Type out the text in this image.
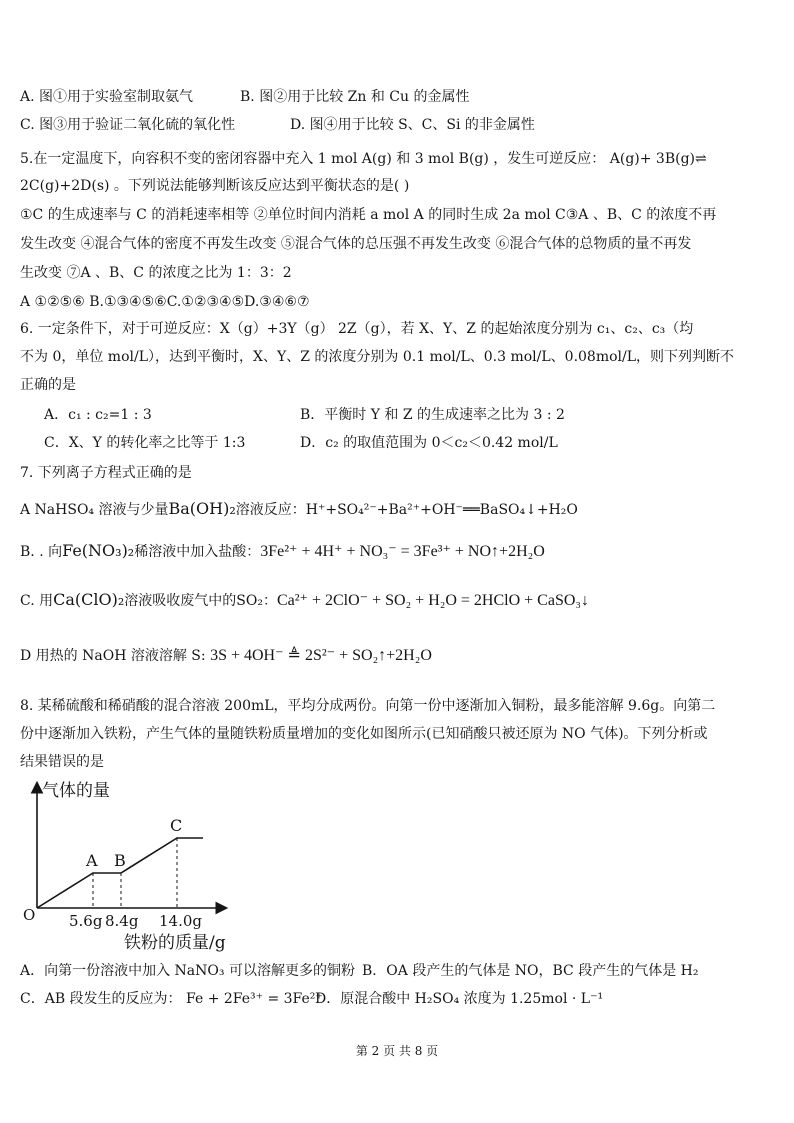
A. 图①用于实验室制取氨气	B. 图②用于比较 Zn 和 Cu 的金属性
C. 图③用于验证二氧化硫的氧化性	D. 图④用于比较 S、C、Si 的非金属性
5.在一定温度下，向容积不变的密闭容器中充入 1 mol A(g) 和 3 mol B(g) ，发生可逆反应： A(g)+ 3B(g)⇌
2C(g)+2D(s) 。下列说法能够判断该反应达到平衡状态的是( )
①C 的生成速率与 C 的消耗速率相等 ②单位时间内消耗 a mol A 的同时生成 2a mol C③A 、B、C 的浓度不再
发生改变 ④混合气体的密度不再发生改变 ⑤混合气体的总压强不再发生改变 ⑥混合气体的总物质的量不再发
生改变 ⑦A 、B、C 的浓度之比为 1：3：2
A ①②⑤⑥ B.①③④⑤⑥C.①②③④⑤D.③④⑥⑦
6. 一定条件下，对于可逆反应：X（g）+3Y（g） 2Z（g），若 X、Y、Z 的起始浓度分别为 c₁、c₂、c₃（均
不为 0，单位 mol/L），达到平衡时，X、Y、Z 的浓度分别为 0.1 mol/L、0.3 mol/L、0.08mol/L，则下列判断不
正确的是
A．c₁ : c₂=1 : 3	B．平衡时 Y 和 Z 的生成速率之比为 3 : 2
C．X、Y 的转化率之比等于 1:3	D．c₂ 的取值范围为 0＜c₂＜0.42 mol/L
7. 下列离子方程式正确的是
A NaHSO₄ 溶液与少量Ba(OH)₂溶液反应：H⁺+SO₄²⁻+Ba²⁺+OH⁻══BaSO₄↓+H₂O
B. . 向Fe(NO₃)₂稀溶液中加入盐酸：3Fe²⁺ + 4H⁺ + NO₃⁻ = 3Fe³⁺ + NO↑+2H₂O
C. 用Ca(ClO)₂溶液吸收废气中的SO₂：Ca²⁺ + 2ClO⁻ + SO₂ + H₂O = 2HClO + CaSO₃↓
D 用热的 NaOH 溶液溶解 S: 3S + 4OH⁻ ≜ 2S²⁻ + SO₂↑+2H₂O
8. 某稀硫酸和稀硝酸的混合溶液 200mL，平均分成两份。向第一份中逐渐加入铜粉，最多能溶解 9.6g。向第二
份中逐渐加入铁粉，产生气体的量随铁粉质量增加的变化如图所示(已知硝酸只被还原为 NO 气体)。下列分析或
结果错误的是
气体的量
O
A B
C
5.6g 8.4g 14.0g
铁粉的质量/g
A．向第一份溶液中加入 NaNO₃ 可以溶解更多的铜粉 B．OA 段产生的气体是 NO，BC 段产生的气体是 H₂
C．AB 段发生的反应为： Fe + 2Fe³⁺ = 3Fe²⁺
D．原混合酸中 H₂SO₄ 浓度为 1.25mol · L⁻¹
第 2 页 共 8 页
